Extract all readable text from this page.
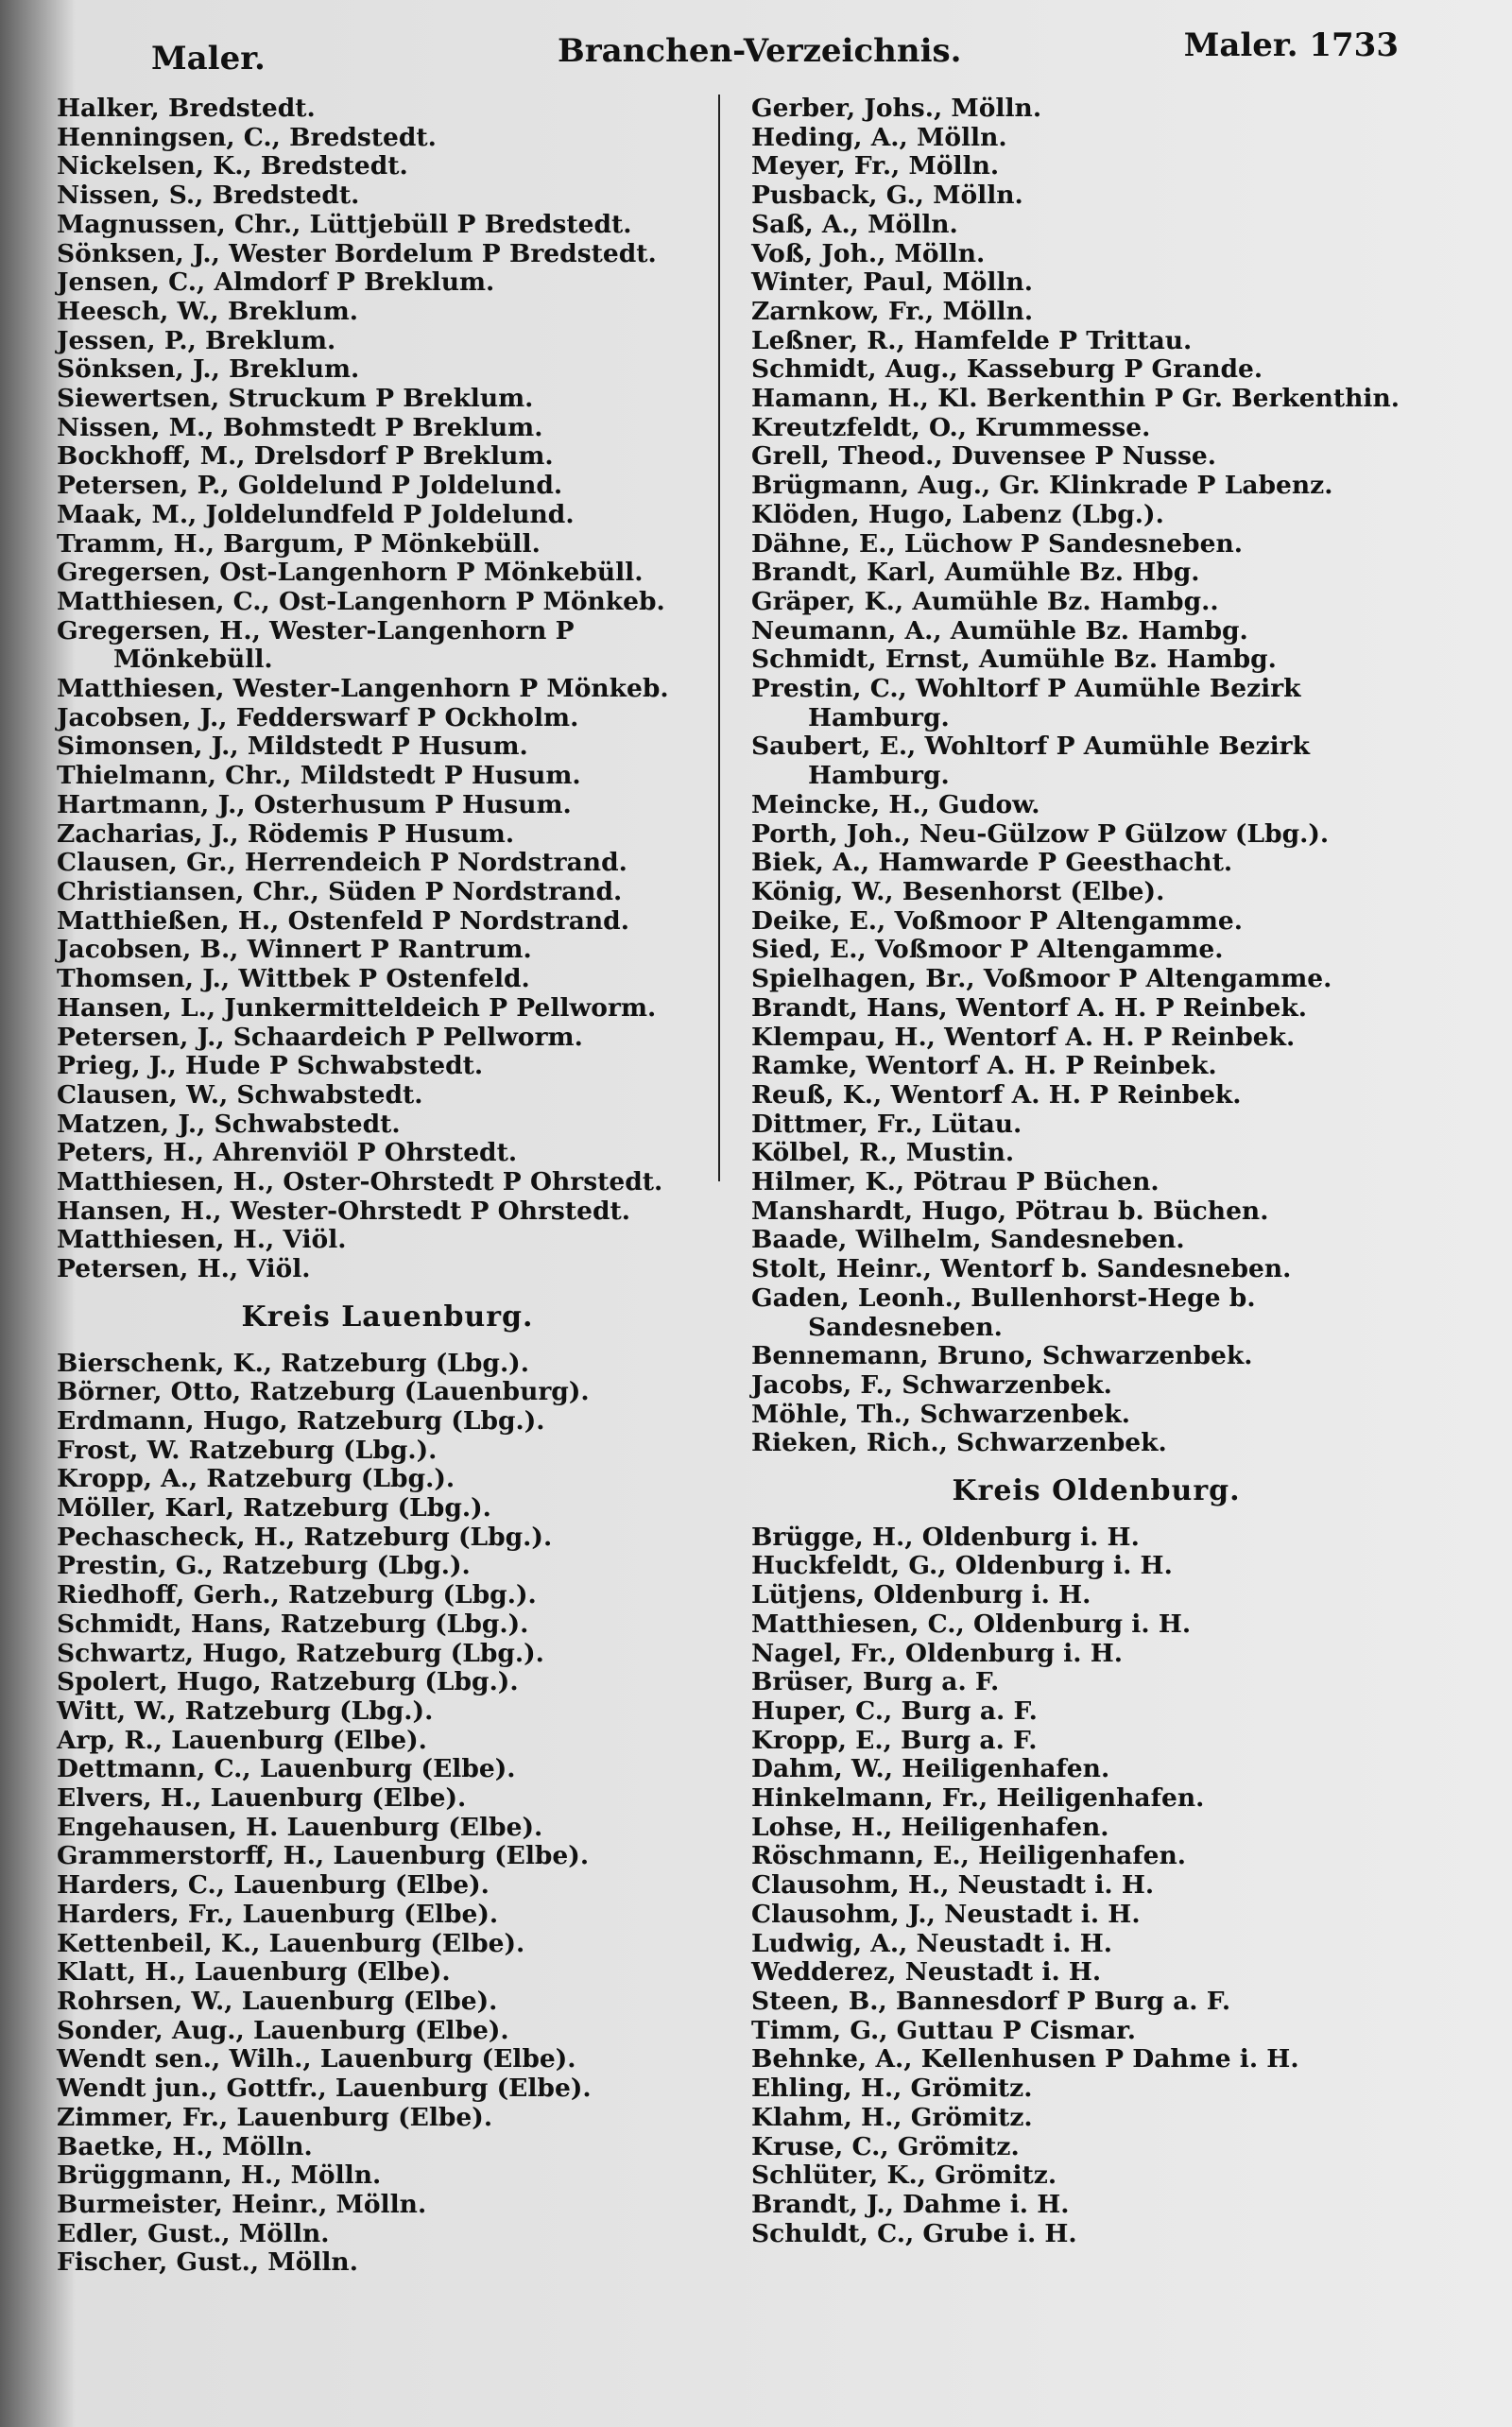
Maler.	Branchen-Verzeichnis.	Maler. 1733
Halker, Bredstedt.
Henningsen, C., Bredstedt.
Nickelsen, K., Bredstedt.
Nissen, S., Bredstedt.
Magnussen, Chr., Lüttjebüll P Bredstedt.
Sönksen, J., Wester Bordelum P Bredstedt.
Jensen, C., Almdorf P Breklum.
Heesch, W., Breklum.
Jessen, P., Breklum.
Sönksen, J., Breklum.
Siewertsen, Struckum P Breklum.
Nissen, M., Bohmstedt P Breklum.
Bockhoff, M., Drelsdorf P Breklum.
Petersen, P., Goldelund P Joldelund.
Maak, M., Joldelundfeld P Joldelund.
Tramm, H., Bargum, P Mönkebüll.
Gregersen, Ost-Langenhorn P Mönkebüll.
Matthiesen, C., Ost-Langenhorn P Mönkeb.
Gregersen, H., Wester-Langenhorn P Mönkebüll.
Matthiesen, Wester-Langenhorn P Mönkeb.
Jacobsen, J., Fedderswarf P Ockholm.
Simonsen, J., Mildstedt P Husum.
Thielmann, Chr., Mildstedt P Husum.
Hartmann, J., Osterhusum P Husum.
Zacharias, J., Rödemis P Husum.
Clausen, Gr., Herrendeich P Nordstrand.
Christiansen, Chr., Süden P Nordstrand.
Matthießen, H., Ostenfeld P Nordstrand.
Jacobsen, B., Winnert P Rantrum.
Thomsen, J., Wittbek P Ostenfeld.
Hansen, L., Junkermitteldeich P Pellworm.
Petersen, J., Schaardeich P Pellworm.
Prieg, J., Hude P Schwabstedt.
Clausen, W., Schwabstedt.
Matzen, J., Schwabstedt.
Peters, H., Ahrenviöl P Ohrstedt.
Matthiesen, H., Oster-Ohrstedt P Ohrstedt.
Hansen, H., Wester-Ohrstedt P Ohrstedt.
Matthiesen, H., Viöl.
Petersen, H., Viöl.
Kreis Lauenburg.
Bierschenk, K., Ratzeburg (Lbg.).
Börner, Otto, Ratzeburg (Lauenburg).
Erdmann, Hugo, Ratzeburg (Lbg.).
Frost, W. Ratzeburg (Lbg.).
Kropp, A., Ratzeburg (Lbg.).
Möller, Karl, Ratzeburg (Lbg.).
Pechascheck, H., Ratzeburg (Lbg.).
Prestin, G., Ratzeburg (Lbg.).
Riedhoff, Gerh., Ratzeburg (Lbg.).
Schmidt, Hans, Ratzeburg (Lbg.).
Schwartz, Hugo, Ratzeburg (Lbg.).
Spolert, Hugo, Ratzeburg (Lbg.).
Witt, W., Ratzeburg (Lbg.).
Arp, R., Lauenburg (Elbe).
Dettmann, C., Lauenburg (Elbe).
Elvers, H., Lauenburg (Elbe).
Engehausen, H. Lauenburg (Elbe).
Grammerstorff, H., Lauenburg (Elbe).
Harders, C., Lauenburg (Elbe).
Harders, Fr., Lauenburg (Elbe).
Kettenbeil, K., Lauenburg (Elbe).
Klatt, H., Lauenburg (Elbe).
Rohrsen, W., Lauenburg (Elbe).
Sonder, Aug., Lauenburg (Elbe).
Wendt sen., Wilh., Lauenburg (Elbe).
Wendt jun., Gottfr., Lauenburg (Elbe).
Zimmer, Fr., Lauenburg (Elbe).
Baetke, H., Mölln.
Brüggmann, H., Mölln.
Burmeister, Heinr., Mölln.
Edler, Gust., Mölln.
Fischer, Gust., Mölln.
Gerber, Johs., Mölln.
Heding, A., Mölln.
Meyer, Fr., Mölln.
Pusback, G., Mölln.
Saß, A., Mölln.
Voß, Joh., Mölln.
Winter, Paul, Mölln.
Zarnkow, Fr., Mölln.
Leßner, R., Hamfelde P Trittau.
Schmidt, Aug., Kasseburg P Grande.
Hamann, H., Kl. Berkenthin P Gr. Berkenthin.
Kreutzfeldt, O., Krummesse.
Grell, Theod., Duvensee P Nusse.
Brügmann, Aug., Gr. Klinkrade P Labenz.
Klöden, Hugo, Labenz (Lbg.).
Dähne, E., Lüchow P Sandesneben.
Brandt, Karl, Aumühle Bz. Hbg.
Gräper, K., Aumühle Bz. Hambg..
Neumann, A., Aumühle Bz. Hambg.
Schmidt, Ernst, Aumühle Bz. Hambg.
Prestin, C., Wohltorf P Aumühle Bezirk Hamburg.
Saubert, E., Wohltorf P Aumühle Bezirk Hamburg.
Meincke, H., Gudow.
Porth, Joh., Neu-Gülzow P Gülzow (Lbg.).
Biek, A., Hamwarde P Geesthacht.
König, W., Besenhorst (Elbe).
Deike, E., Voßmoor P Altengamme.
Sied, E., Voßmoor P Altengamme.
Spielhagen, Br., Voßmoor P Altengamme.
Brandt, Hans, Wentorf A. H. P Reinbek.
Klempau, H., Wentorf A. H. P Reinbek.
Ramke, Wentorf A. H. P Reinbek.
Reuß, K., Wentorf A. H. P Reinbek.
Dittmer, Fr., Lütau.
Kölbel, R., Mustin.
Hilmer, K., Pötrau P Büchen.
Manshardt, Hugo, Pötrau b. Büchen.
Baade, Wilhelm, Sandesneben.
Stolt, Heinr., Wentorf b. Sandesneben.
Gaden, Leonh., Bullenhorst-Hege b. Sandesneben.
Bennemann, Bruno, Schwarzenbek.
Jacobs, F., Schwarzenbek.
Möhle, Th., Schwarzenbek.
Rieken, Rich., Schwarzenbek.
Kreis Oldenburg.
Brügge, H., Oldenburg i. H.
Huckfeldt, G., Oldenburg i. H.
Lütjens, Oldenburg i. H.
Matthiesen, C., Oldenburg i. H.
Nagel, Fr., Oldenburg i. H.
Brüser, Burg a. F.
Huper, C., Burg a. F.
Kropp, E., Burg a. F.
Dahm, W., Heiligenhafen.
Hinkelmann, Fr., Heiligenhafen.
Lohse, H., Heiligenhafen.
Röschmann, E., Heiligenhafen.
Clausohm, H., Neustadt i. H.
Clausohm, J., Neustadt i. H.
Ludwig, A., Neustadt i. H.
Wedderez, Neustadt i. H.
Steen, B., Bannesdorf P Burg a. F.
Timm, G., Guttau P Cismar.
Behnke, A., Kellenhusen P Dahme i. H.
Ehling, H., Grömitz.
Klahm, H., Grömitz.
Kruse, C., Grömitz.
Schlüter, K., Grömitz.
Brandt, J., Dahme i. H.
Schuldt, C., Grube i. H.
